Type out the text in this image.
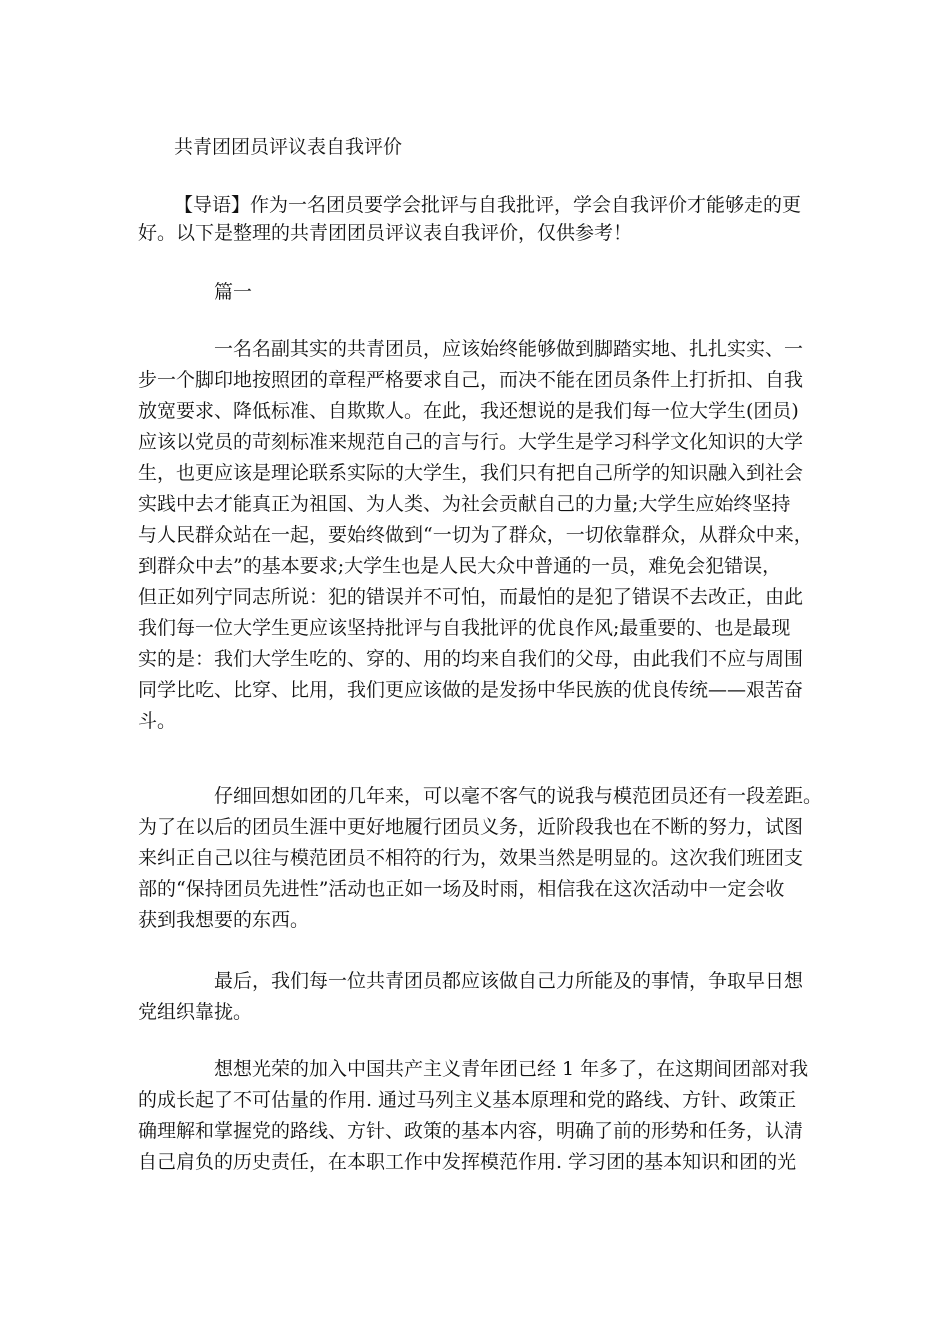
共青团团员评议表自我评价
【导语】作为一名团员要学会批评与自我批评，学会自我评价才能够走的更
好。以下是整理的共青团团员评议表自我评价，仅供参考！
篇一
一名名副其实的共青团员，应该始终能够做到脚踏实地、扎扎实实、一
步一个脚印地按照团的章程严格要求自己，而决不能在团员条件上打折扣、自我
放宽要求、降低标准、自欺欺人。在此，我还想说的是我们每一位大学生(团员)
应该以党员的苛刻标准来规范自己的言与行。大学生是学习科学文化知识的大学
生，也更应该是理论联系实际的大学生，我们只有把自己所学的知识融入到社会
实践中去才能真正为祖国、为人类、为社会贡献自己的力量;大学生应始终坚持
与人民群众站在一起，要始终做到“一切为了群众，一切依靠群众，从群众中来，
到群众中去”的基本要求;大学生也是人民大众中普通的一员，难免会犯错误，
但正如列宁同志所说：犯的错误并不可怕，而最怕的是犯了错误不去改正，由此
我们每一位大学生更应该坚持批评与自我批评的优良作风;最重要的、也是最现
实的是：我们大学生吃的、穿的、用的均来自我们的父母，由此我们不应与周围
同学比吃、比穿、比用，我们更应该做的是发扬中华民族的优良传统——艰苦奋
斗。
仔细回想如团的几年来，可以毫不客气的说我与模范团员还有一段差距。
为了在以后的团员生涯中更好地履行团员义务，近阶段我也在不断的努力，试图
来纠正自己以往与模范团员不相符的行为，效果当然是明显的。这次我们班团支
部的“保持团员先进性”活动也正如一场及时雨，相信我在这次活动中一定会收
获到我想要的东西。
最后，我们每一位共青团员都应该做自己力所能及的事情，争取早日想
党组织靠拢。
想想光荣的加入中国共产主义青年团已经 1 年多了，在这期间团部对我
的成长起了不可估量的作用. 通过马列主义基本原理和党的路线、方针、政策正
确理解和掌握党的路线、方针、政策的基本内容，明确了前的形势和任务，认清
自己肩负的历史责任，在本职工作中发挥模范作用. 学习团的基本知识和团的光
